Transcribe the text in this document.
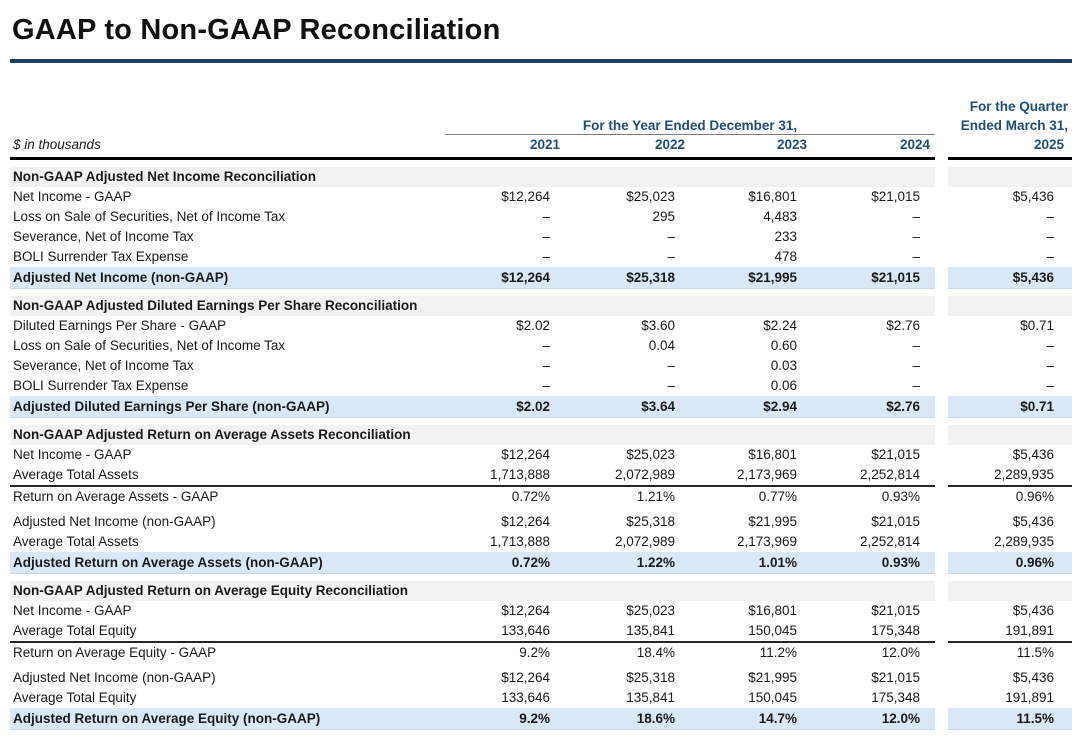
GAAP to Non-GAAP Reconciliation
For the Year Ended December 31,
For the Quarter
Ended March 31,
$ in thousands	2021	2022	2023	2024	2025
Non-GAAP Adjusted Net Income Reconciliation
Net Income - GAAP	$12,264	$25,023	$16,801	$21,015	$5,436
Loss on Sale of Securities, Net of Income Tax	–	295	4,483	–	–
Severance, Net of Income Tax	–	–	233	–	–
BOLI Surrender Tax Expense	–	–	478	–	–
Adjusted Net Income (non-GAAP)	$12,264	$25,318	$21,995	$21,015	$5,436
Non-GAAP Adjusted Diluted Earnings Per Share Reconciliation
Diluted Earnings Per Share - GAAP	$2.02	$3.60	$2.24	$2.76	$0.71
Loss on Sale of Securities, Net of Income Tax	–	0.04	0.60	–	–
Severance, Net of Income Tax	–	–	0.03	–	–
BOLI Surrender Tax Expense	–	–	0.06	–	–
Adjusted Diluted Earnings Per Share (non-GAAP)	$2.02	$3.64	$2.94	$2.76	$0.71
Non-GAAP Adjusted Return on Average Assets Reconciliation
Net Income - GAAP	$12,264	$25,023	$16,801	$21,015	$5,436
Average Total Assets	1,713,888	2,072,989	2,173,969	2,252,814	2,289,935
Return on Average Assets - GAAP	0.72%	1.21%	0.77%	0.93%	0.96%
Adjusted Net Income (non-GAAP)	$12,264	$25,318	$21,995	$21,015	$5,436
Average Total Assets	1,713,888	2,072,989	2,173,969	2,252,814	2,289,935
Adjusted Return on Average Assets (non-GAAP)	0.72%	1.22%	1.01%	0.93%	0.96%
Non-GAAP Adjusted Return on Average Equity Reconciliation
Net Income - GAAP	$12,264	$25,023	$16,801	$21,015	$5,436
Average Total Equity	133,646	135,841	150,045	175,348	191,891
Return on Average Equity - GAAP	9.2%	18.4%	11.2%	12.0%	11.5%
Adjusted Net Income (non-GAAP)	$12,264	$25,318	$21,995	$21,015	$5,436
Average Total Equity	133,646	135,841	150,045	175,348	191,891
Adjusted Return on Average Equity (non-GAAP)	9.2%	18.6%	14.7%	12.0%	11.5%
